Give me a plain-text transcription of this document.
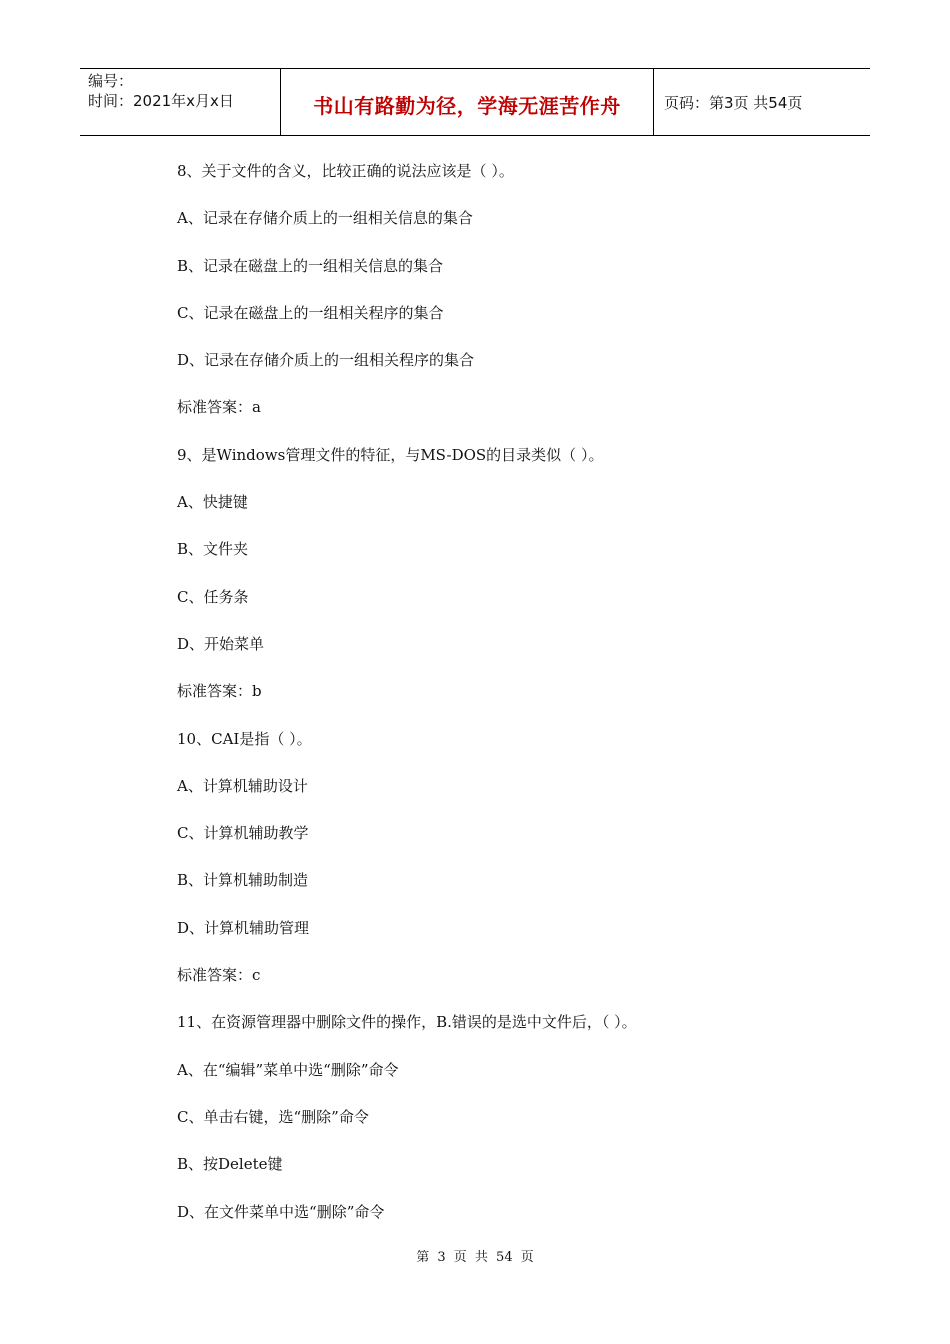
编号：
时间：2021年x月x日	书山有路勤为径，学海无涯苦作舟	页码：第3页 共54页
8、关于文件的含义，比较正确的说法应该是（ ）。
A、记录在存储介质上的一组相关信息的集合
B、记录在磁盘上的一组相关信息的集合
C、记录在磁盘上的一组相关程序的集合
D、记录在存储介质上的一组相关程序的集合
标准答案：a
9、是Windows管理文件的特征，与MS-DOS的目录类似（ ）。
A、快捷键
B、文件夹
C、任务条
D、开始菜单
标准答案：b
10、CAI是指（ ）。
A、计算机辅助设计
C、计算机辅助教学
B、计算机辅助制造
D、计算机辅助管理
标准答案：c
11、在资源管理器中删除文件的操作，B.错误的是选中文件后，（ ）。
A、在“编辑”菜单中选“删除”命令
C、单击右键，选“删除”命令
B、按Delete键
D、在文件菜单中选“删除”命令
第 3 页 共 54 页
